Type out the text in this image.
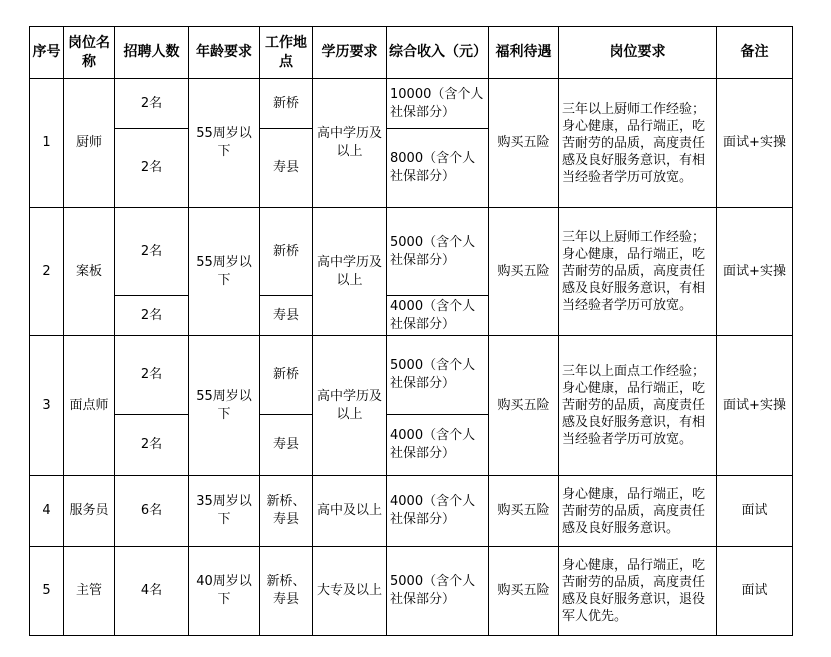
序号	岗位名称	招聘人数	年龄要求	工作地点	学历要求	综合收入（元）	福利待遇	岗位要求	备注
1	厨师	2名	55周岁以下	新桥	高中学历及以上	10000（含个人社保部分）	购买五险	三年以上厨师工作经验；身心健康，品行端正，吃苦耐劳的品质，高度责任感及良好服务意识，有相当经验者学历可放宽。	面试+实操
		2名		寿县		8000（含个人社保部分）			
2	案板	2名	55周岁以下	新桥	高中学历及以上	5000（含个人社保部分）	购买五险	三年以上厨师工作经验；身心健康，品行端正，吃苦耐劳的品质，高度责任感及良好服务意识，有相当经验者学历可放宽。	面试+实操
		2名		寿县		4000（含个人社保部分）			
3	面点师	2名	55周岁以下	新桥	高中学历及以上	5000（含个人社保部分）	购买五险	三年以上面点工作经验；身心健康，品行端正，吃苦耐劳的品质，高度责任感及良好服务意识，有相当经验者学历可放宽。	面试+实操
		2名		寿县		4000（含个人社保部分）			
4	服务员	6名	35周岁以下	新桥、寿县	高中及以上	4000（含个人社保部分）	购买五险	身心健康，品行端正，吃苦耐劳的品质，高度责任感及良好服务意识。	面试
5	主管	4名	40周岁以下	新桥、寿县	大专及以上	5000（含个人社保部分）	购买五险	身心健康，品行端正，吃苦耐劳的品质，高度责任感及良好服务意识，退役军人优先。	面试
